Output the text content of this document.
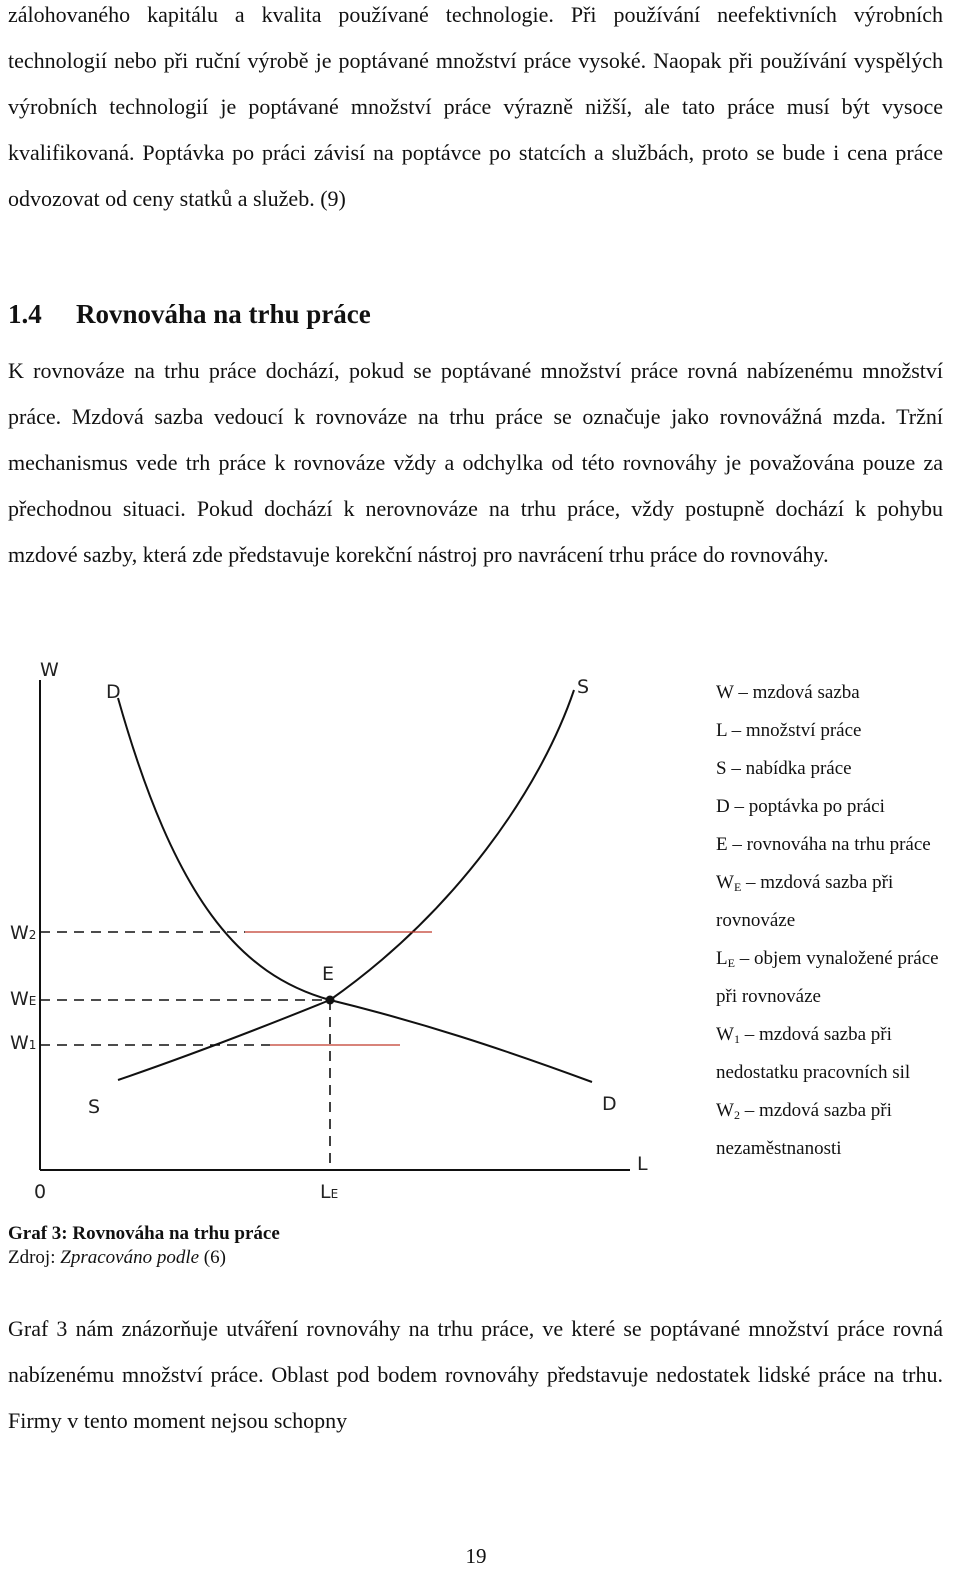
zálohovaného kapitálu a kvalita používané technologie. Při používání neefektivních výrobních technologií nebo při ruční výrobě je poptávané množství práce vysoké. Naopak při používání vyspělých výrobních technologií je poptávané množství práce výrazně nižší, ale tato práce musí být vysoce kvalifikovaná. Poptávka po práci závisí na poptávce po statcích a službách, proto se bude i cena práce odvozovat od ceny statků a služeb. (9)

1.4 Rovnováha na trhu práce

K rovnováze na trhu práce dochází, pokud se poptávané množství práce rovná nabízenému množství práce. Mzdová sazba vedoucí k rovnováze na trhu práce se označuje jako rovnovážná mzda. Tržní mechanismus vede trh práce k rovnováze vždy a odchylka od této rovnováhy je považována pouze za přechodnou situaci. Pokud dochází k nerovnováze na trhu práce, vždy postupně dochází k pohybu mzdové sazby, která zde představuje korekční nástroj pro navrácení trhu práce do rovnováhy.

W
L
0
D
D
S
S
E
W2
WE
W1
LE
W – mzdová sazba
L – množství práce
S – nabídka práce
D – poptávka po práci
E – rovnováha na trhu práce
$W_E$ – mzdová sazba při rovnováze
$L_E$ – objem vynaložené práce při rovnováze
$W_1$ – mzdová sazba při nedostatku pracovních sil
$W_2$ – mzdová sazba při nezaměstnanosti
Graf 3: Rovnováha na trhu práce
Zdroj: Zpracováno podle (6)

Graf 3 nám znázorňuje utváření rovnováhy na trhu práce, ve které se poptávané množství práce rovná nabízenému množství práce. Oblast pod bodem rovnováhy představuje nedostatek lidské práce na trhu. Firmy v tento moment nejsou schopny

19
